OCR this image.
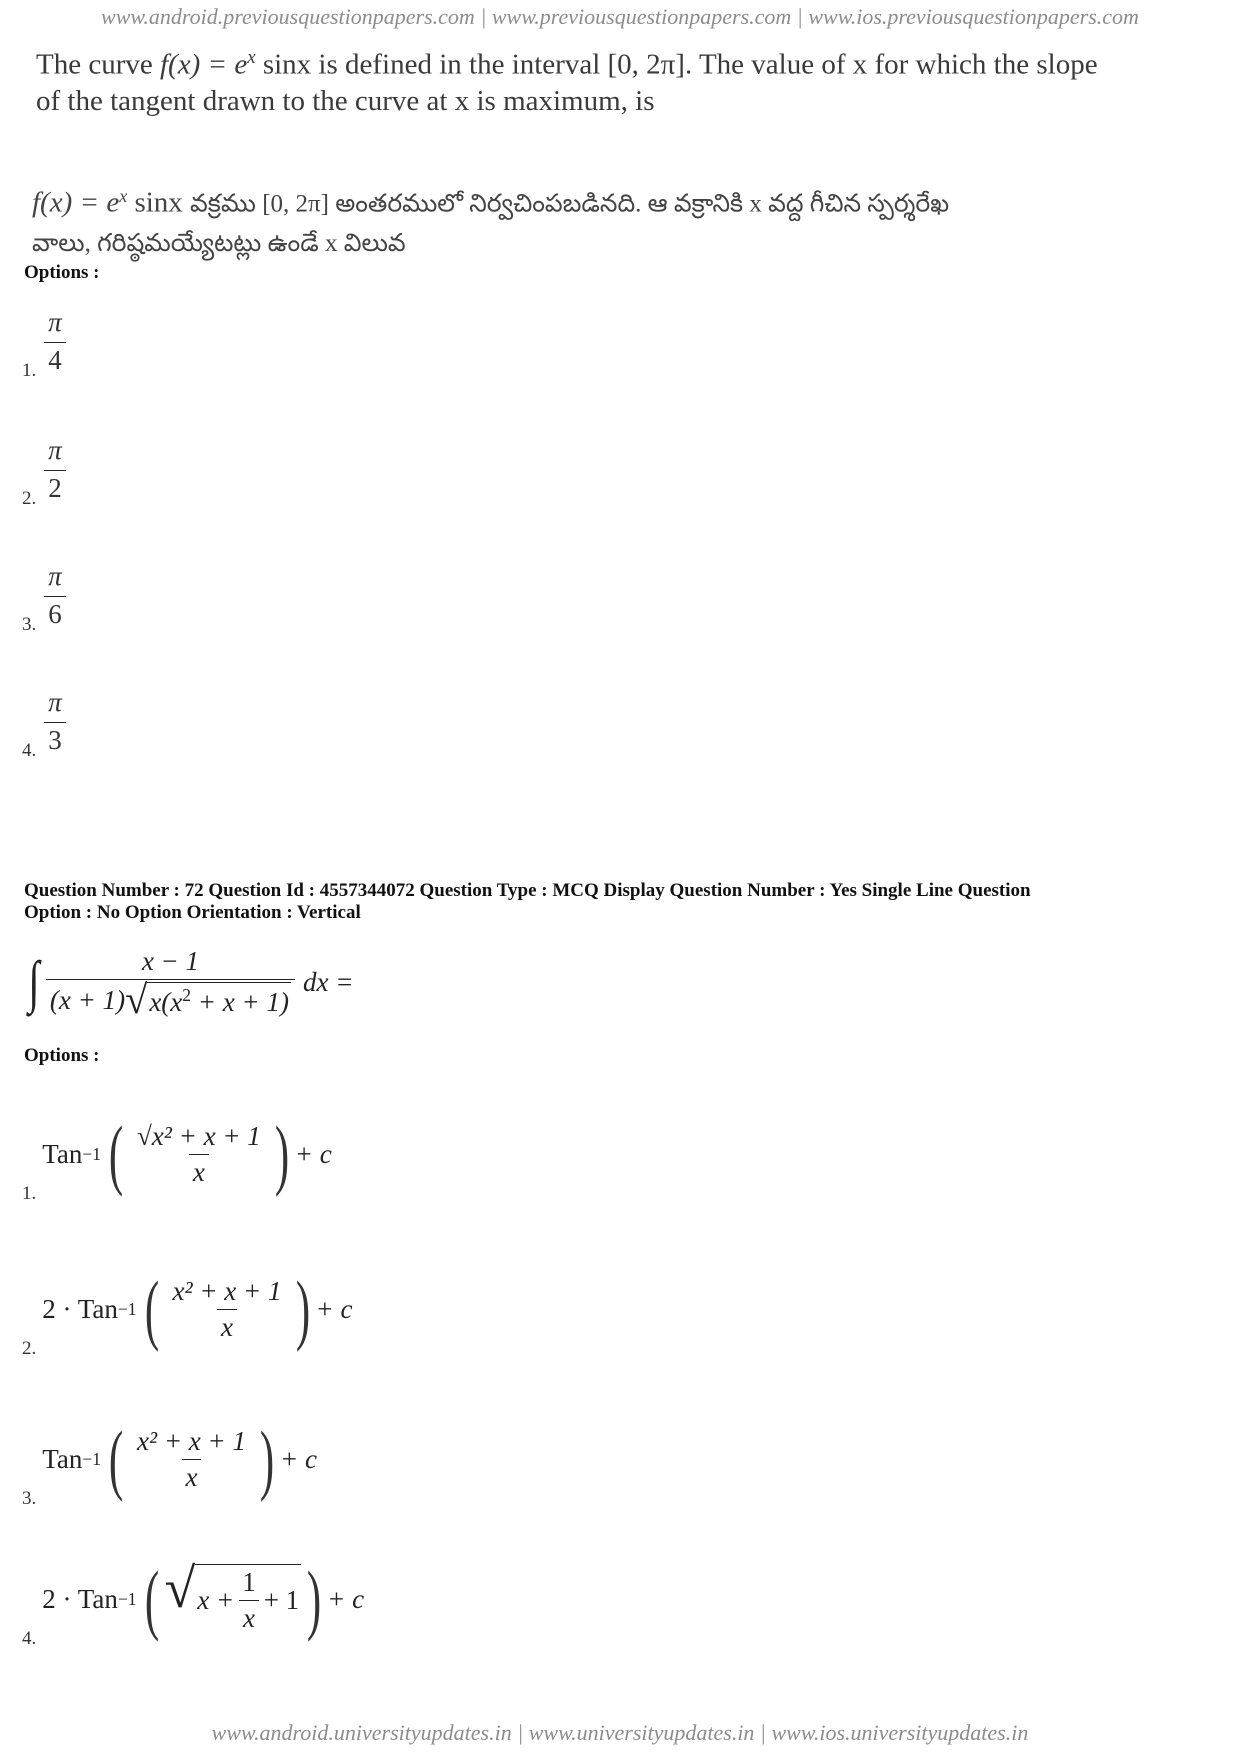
www.android.previousquestionpapers.com | www.previousquestionpapers.com | www.ios.previousquestionpapers.com
The curve $f(x) = e^x$ sinx is defined in the interval [0, 2π]. The value of x for which the slope
of the tangent drawn to the curve at x is maximum, is
f(x) = e$^x$ sinx వక్రము [0, 2π] అంతరములో నిర్వచింపబడినది. ఆ వక్రానికి x వద్ద గీచిన స్పర్శరేఖ
వాలు, గరిష్ఠమయ్యేటట్లు ఉండే x విలువ
Options :
1. $\frac{\pi}{4}$
2. $\frac{\pi}{2}$
3. $\frac{\pi}{6}$
4. $\frac{\pi}{3}$
Question Number : 72 Question Id : 4557344072 Question Type : MCQ Display Question Number : Yes Single Line Question
Option : No Option Orientation : Vertical
∫ $\frac{x - 1}{(x + 1) √ x(x^2 + x + 1)}$ dx =
Options :
1.
Tan −1 ( $\frac{\text{√x² + x + 1}}{x}$ ) + c
2.
2 · Tan −1 ( $\frac{\text{x² + x + 1}}{x}$ ) + c
3.
Tan −1 ( $\frac{\text{x² + x + 1}}{x}$ ) + c
4.
2 · Tan −1 ( √ $x + \frac{1}{x} + 1$ ) + c
www.android.universityupdates.in | www.universityupdates.in | www.ios.universityupdates.in
